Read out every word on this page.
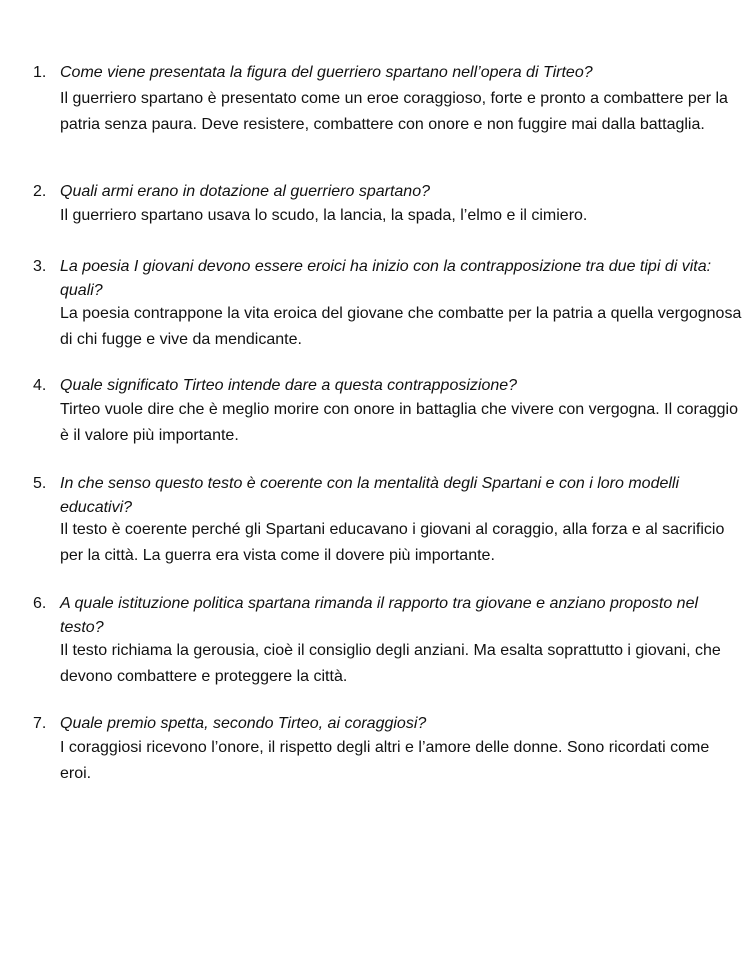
1. Come viene presentata la figura del guerriero spartano nell’opera di Tirteo?

Il guerriero spartano è presentato come un eroe coraggioso, forte e pronto a combattere per la patria senza paura. Deve resistere, combattere con onore e non fuggire mai dalla battaglia.

2. Quali armi erano in dotazione al guerriero spartano?

Il guerriero spartano usava lo scudo, la lancia, la spada, l’elmo e il cimiero.

3. La poesia I giovani devono essere eroici ha inizio con la contrapposizione tra due tipi di vita: quali?

La poesia contrappone la vita eroica del giovane che combatte per la patria a quella vergognosa di chi fugge e vive da mendicante.

4. Quale significato Tirteo intende dare a questa contrapposizione?

Tirteo vuole dire che è meglio morire con onore in battaglia che vivere con vergogna. Il coraggio è il valore più importante.

5. In che senso questo testo è coerente con la mentalità degli Spartani e con i loro modelli educativi?

Il testo è coerente perché gli Spartani educavano i giovani al coraggio, alla forza e al sacrificio per la città. La guerra era vista come il dovere più importante.

6. A quale istituzione politica spartana rimanda il rapporto tra giovane e anziano proposto nel testo?

Il testo richiama la gerousia, cioè il consiglio degli anziani. Ma esalta soprattutto i giovani, che devono combattere e proteggere la città.

7. Quale premio spetta, secondo Tirteo, ai coraggiosi?

I coraggiosi ricevono l’onore, il rispetto degli altri e l’amore delle donne. Sono ricordati come eroi.
